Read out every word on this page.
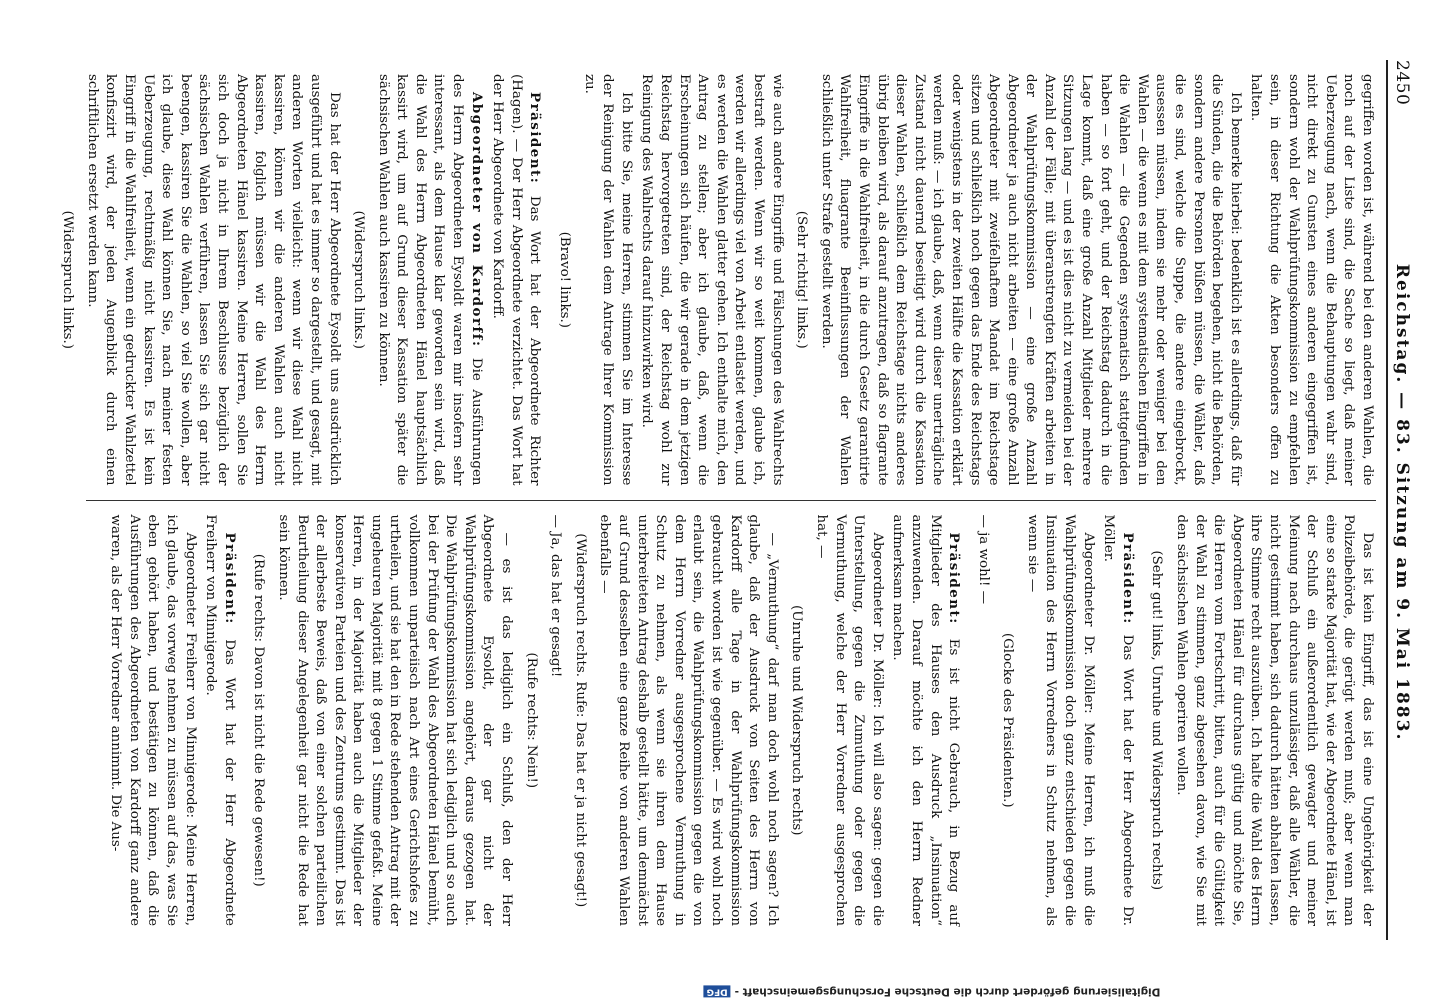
2450
Reichstag. — 83. Sitzung am 9. Mai 1883.

gegriffen worden ist, während bei den anderen Wahlen, die noch auf der Liste sind, die Sache so liegt, daß meiner Ueberzeugung nach, wenn die Behauptungen wahr sind, nicht direkt zu Gunsten eines anderen eingegriffen ist, sondern wohl der Wahlprüfungskommission zu empfehlen sein, in dieser Richtung die Akten besonders offen zu halten.

Ich bemerke hierbei: bedenklich ist es allerdings, daß für die Sünden, die die Behörden begehen, nicht die Behörden, sondern andere Personen büßen müssen, die Wähler, daß die es sind, welche die Suppe, die andere eingebrockt, ausessen müssen, indem sie mehr oder weniger bei den Wahlen — die wenn es mit dem systematischen Eingriffen in die Wahlen — die Gegenden systematisch stattgefunden haben — so fort geht, und der Reichstag dadurch in die Lage kommt, daß eine große Anzahl Mitglieder mehrere Sitzungen lang — und es ist dies nicht zu vermeiden bei der Anzahl der Fälle; mit überanstrengten Kräften arbeiten in der Wahlprüfungskommission — eine große Anzahl Abgeordneter ja auch nicht arbeiten — eine große Anzahl Abgeordneter mit zweifelhaftem Mandat im Reichstage sitzen und schließlich noch gegen das Ende des Reichstags oder wenigstens in der zweiten Hälfte die Kassation erklärt werden muß: — ich glaube, daß, wenn dieser unerträgliche Zustand nicht dauernd beseitigt wird durch die Kassation dieser Wahlen, schließlich dem Reichstage nichts anderes übrig bleiben wird, als darauf anzutragen, daß so flagrante Eingriffe in die Wahlfreiheit, in die durch Gesetz garantirte Wahlfreiheit, fluagrante Beeinflussungen der Wahlen schließlich unter Strafe gestellt werden.

(Sehr richtig! links.)

wie auch andere Eingriffe und Fälschungen des Wahlrechts bestraft werden. Wenn wir so weit kommen, glaube ich, werden wir allerdings viel von Arbeit entlastet werden, und es werden die Wahlen glatter gehen. Ich enthalte mich, den Antrag zu stellen; aber ich glaube, daß, wenn die Erscheinungen sich häufen, die wir gerade in dem jetzigen Reichstag hervorgetreten sind, der Reichstag wohl zur Reinigung des Wahlrechts darauf hinzuwirken wird.

Ich bitte Sie, meine Herren, stimmen Sie im Interesse der Reinigung der Wahlen dem Antrage Ihrer Kommission zu.

(Bravo! links.)

Präsident: Das Wort hat der Abgeordnete Richter (Hagen). — Der Herr Abgeordnete verzichtet. Das Wort hat der Herr Abgeordnete von Kardorff.

Abgeordneter von Kardorff: Die Ausführungen des Herrn Abgeordneten Eysoldt waren mir insofern sehr interessant, als dem Hause klar geworden sein wird, daß die Wahl des Herrn Abgeordneten Hänel hauptsächlich kassirt wird, um auf Grund dieser Kassation später die sächsischen Wahlen auch kassiren zu können.

(Widerspruch links.)

Das hat der Herr Abgeordnete Eysoldt uns ausdrücklich ausgeführt und hat es immer so dargestellt, und gesagt, mit anderen Worten vielleicht: wenn wir diese Wahl nicht kassiren, können wir die anderen Wahlen auch nicht kassiren, folglich müssen wir die Wahl des Herrn Abgeordneten Hänel kassiren. Meine Herren, sollen Sie sich doch ja nicht in Ihrem Beschlusse bezüglich der sächsischen Wahlen verführen, lassen Sie sich gar nicht beengen, kassiren Sie die Wahlen, so viel Sie wollen, aber ich glaube, diese Wahl können Sie, nach meiner festen Ueberzeugung, rechtmäßig nicht kassiren. Es ist kein Eingriff in die Wahlfreiheit, wenn ein gedruckter Wahlzettel konfiszirt wird, der jeden Augenblick durch einen schriftlichen ersetzt werden kann.

(Widerspruch links.)

Das ist kein Eingriff, das ist eine Ungehörigkeit der Polizeibehörde, die gerügt werden muß; aber wenn man eine so starke Majorität hat, wie der Abgeordnete Hänel, ist der Schluß ein außerordentlich gewagter und meiner Meinung nach durchaus unzulässiger, daß alle Wähler, die nicht gestimmt haben, sich dadurch hätten abhalten lassen, ihre Stimme recht auszuüben. Ich halte die Wahl des Herrn Abgeordneten Hänel für durchaus gültig und möchte Sie, die Herren vom Fortschritt, bitten, auch für die Gültigkeit der Wahl zu stimmen, ganz abgesehen davon, wie Sie mit den sächsischen Wahlen operiren wollen.

(Sehr gut! links, Unruhe und Widerspruch rechts)

Präsident: Das Wort hat der Herr Abgeordnete Dr. Möller.

Abgeordneter Dr. Möller: Meine Herren, ich muß die Wahlprüfungskommission doch ganz entschieden gegen die Insinuation des Herrn Vorredners in Schutz nehmen, als wenn sie —

(Glocke des Präsidenten.)

— ja wohl! —

Präsident: Es ist nicht Gebrauch, in Bezug auf Mitglieder des Hauses den Ausdruck „Insinuation“ anzuwenden. Darauf möchte ich den Herrn Redner aufmerksam machen.

Abgeordneter Dr. Möller: Ich will also sagen: gegen die Unterstellung, gegen die Zumuthung oder gegen die Vermuthung, welche der Herr Vorredner ausgesprochen hat, —

(Unruhe und Widerspruch rechts)

— „Vermuthung“ darf man doch wohl noch sagen? Ich glaube, daß der Ausdruck von Seiten des Herrn von Kardorff alle Tage in der Wahlprüfungskommission gebraucht worden ist wie gegenüber. — Es wird wohl noch erlaubt sein, die Wahlprüfungskommission gegen die von dem Herrn Vorredner ausgesprochene Vermuthung in Schutz zu nehmen, als wenn sie ihren dem Hause unterbreiteten Antrag deshalb gestellt hätte, um demnächst auf Grund desselben eine ganze Reihe von anderen Wahlen ebenfalls —

(Widerspruch rechts. Rufe: Das hat er ja nicht gesagt!)

— Ja, das hat er gesagt!

(Rufe rechts: Nein!)

— es ist das lediglich ein Schluß, den der Herr Abgeordnete Eysoldt, der gar nicht der Wahlprüfungskommission angehört, daraus gezogen hat. Die Wahlprüfungskommission hat sich lediglich und so auch bei der Prüfung der Wahl des Abgeordneten Hänel bemüht, vollkommen unparteiisch nach Art eines Gerichtshofes zu urtheilen, und sie hat den in Rede stehenden Antrag mit der ungeheuren Majorität mit 8 gegen 1 Stimme gefaßt. Meine Herren, in der Majorität haben auch die Mitglieder der konservativen Parteien und des Zentrums gestimmt. Das ist der allerbeste Beweis, daß von einer solchen parteilichen Beurtheilung dieser Angelegenheit gar nicht die Rede hat sein können.

(Rufe rechts: Davon ist nicht die Rede gewesen!)

Präsident: Das Wort hat der Herr Abgeordnete Freiherr von Minnigerode.

Abgeordneter Freiherr von Minnigerode: Meine Herren, ich glaube, das vorweg nehmen zu müssen auf das, was Sie eben gehört haben, und bestätigen zu können, daß die Ausführungen des Abgeordneten von Kardorff ganz andere waren, als der Herr Vorredner annimmt. Die Aus-

Digitalisierung gefördert durch die Deutsche Forschungsgemeinschaft -
DFG
